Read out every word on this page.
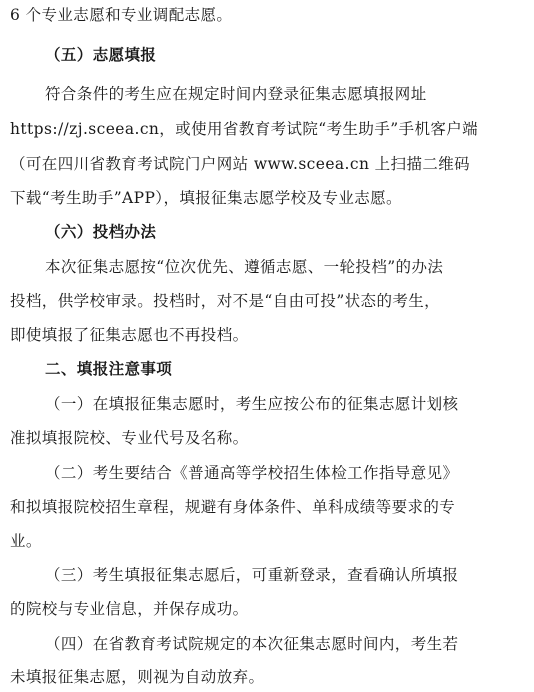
6 个专业志愿和专业调配志愿。
（五）志愿填报
符合条件的考生应在规定时间内登录征集志愿填报网址
https://zj.sceea.cn，或使用省教育考试院“考生助手”手机客户端
（可在四川省教育考试院门户网站 www.sceea.cn 上扫描二维码
下载“考生助手”APP），填报征集志愿学校及专业志愿。
（六）投档办法
本次征集志愿按“位次优先、遵循志愿、一轮投档”的办法
投档，供学校审录。投档时，对不是“自由可投”状态的考生，
即使填报了征集志愿也不再投档。
二、填报注意事项
（一）在填报征集志愿时，考生应按公布的征集志愿计划核
准拟填报院校、专业代号及名称。
（二）考生要结合《普通高等学校招生体检工作指导意见》
和拟填报院校招生章程，规避有身体条件、单科成绩等要求的专
业。
（三）考生填报征集志愿后，可重新登录，查看确认所填报
的院校与专业信息，并保存成功。
（四）在省教育考试院规定的本次征集志愿时间内，考生若
未填报征集志愿，则视为自动放弃。
